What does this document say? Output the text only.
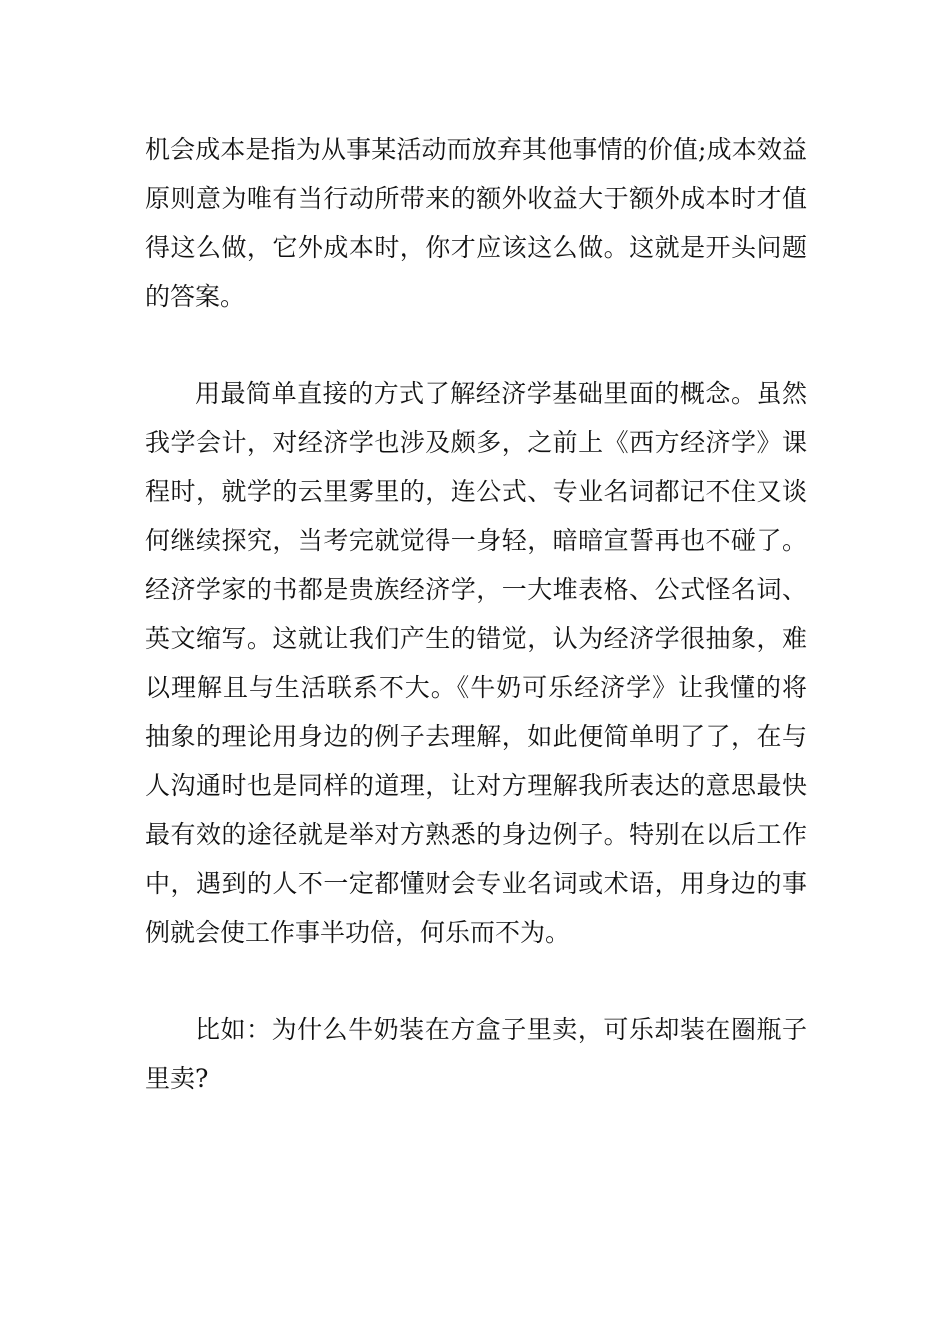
机会成本是指为从事某活动而放弃其他事情的价值;成本效益原则意为唯有当行动所带来的额外收益大于额外成本时才值得这么做，它外成本时，你才应该这么做。这就是开头问题的答案。

用最简单直接的方式了解经济学基础里面的概念。虽然我学会计，对经济学也涉及颇多，之前上《西方经济学》课程时，就学的云里雾里的，连公式、专业名词都记不住又谈何继续探究，当考完就觉得一身轻，暗暗宣誓再也不碰了。经济学家的书都是贵族经济学，一大堆表格、公式怪名词、英文缩写。这就让我们产生的错觉，认为经济学很抽象，难以理解且与生活联系不大。《牛奶可乐经济学》让我懂的将抽象的理论用身边的例子去理解，如此便简单明了了，在与人沟通时也是同样的道理，让对方理解我所表达的意思最快最有效的途径就是举对方熟悉的身边例子。特别在以后工作中，遇到的人不一定都懂财会专业名词或术语，用身边的事例就会使工作事半功倍，何乐而不为。

比如：为什么牛奶装在方盒子里卖，可乐却装在圈瓶子里卖?
